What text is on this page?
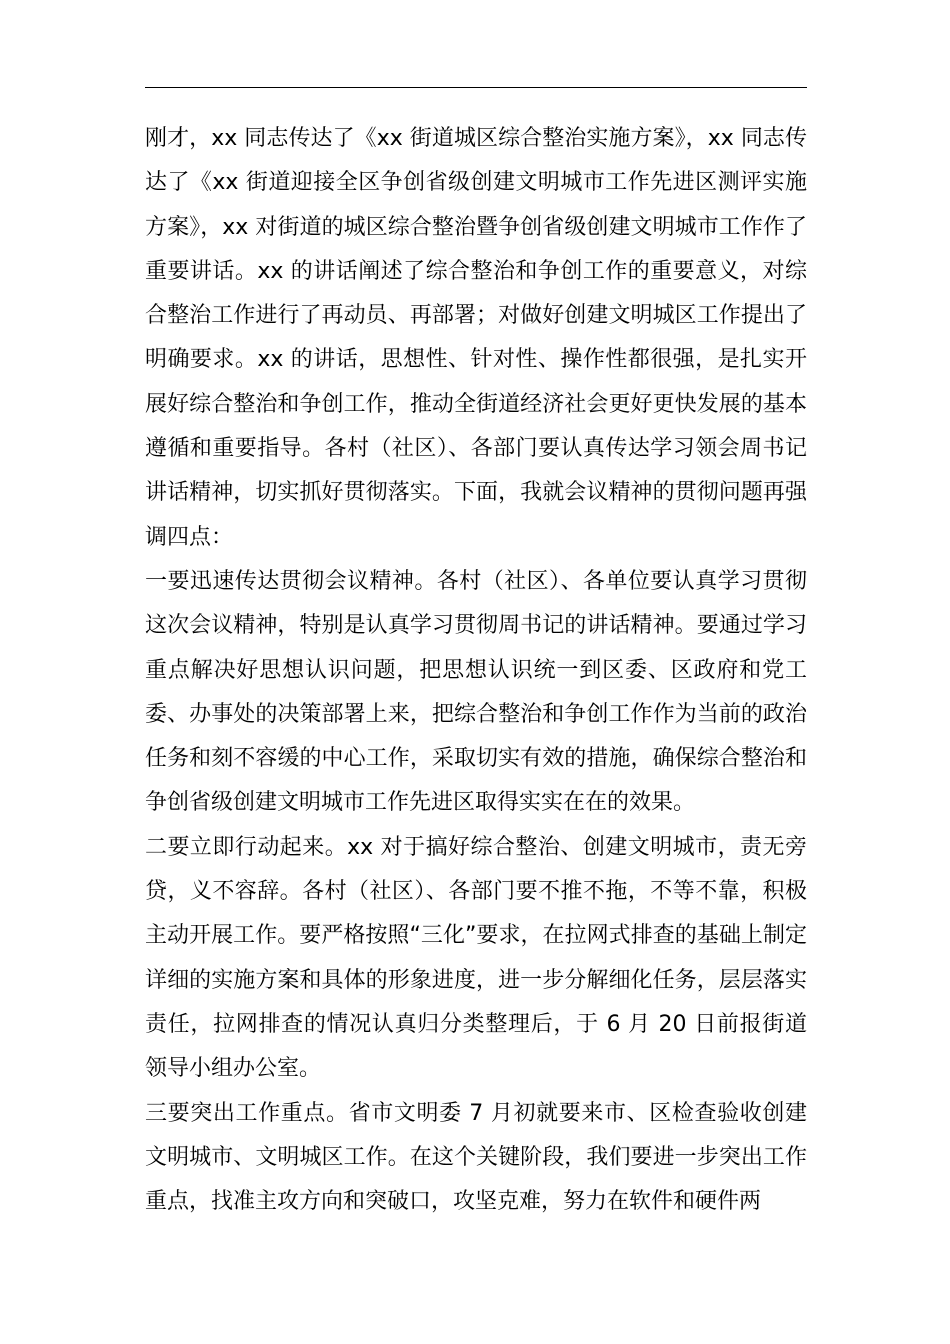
刚才，xx 同志传达了《xx 街道城区综合整治实施方案》，xx 同志传达了《xx 街道迎接全区争创省级创建文明城市工作先进区测评实施方案》，xx 对街道的城区综合整治暨争创省级创建文明城市工作作了重要讲话。xx 的讲话阐述了综合整治和争创工作的重要意义，对综合整治工作进行了再动员、再部署；对做好创建文明城区工作提出了明确要求。xx 的讲话，思想性、针对性、操作性都很强，是扎实开展好综合整治和争创工作，推动全街道经济社会更好更快发展的基本遵循和重要指导。各村（社区）、各部门要认真传达学习领会周书记讲话精神，切实抓好贯彻落实。下面，我就会议精神的贯彻问题再强调四点：

一要迅速传达贯彻会议精神。各村（社区）、各单位要认真学习贯彻这次会议精神，特别是认真学习贯彻周书记的讲话精神。要通过学习重点解决好思想认识问题，把思想认识统一到区委、区政府和党工委、办事处的决策部署上来，把综合整治和争创工作作为当前的政治任务和刻不容缓的中心工作，采取切实有效的措施，确保综合整治和争创省级创建文明城市工作先进区取得实实在在的效果。

二要立即行动起来。xx 对于搞好综合整治、创建文明城市，责无旁贷，义不容辞。各村（社区）、各部门要不推不拖，不等不靠，积极主动开展工作。要严格按照“三化”要求，在拉网式排查的基础上制定详细的实施方案和具体的形象进度，进一步分解细化任务，层层落实责任，拉网排查的情况认真归分类整理后，于 6 月 20 日前报街道领导小组办公室。

三要突出工作重点。省市文明委 7 月初就要来市、区检查验收创建文明城市、文明城区工作。在这个关键阶段，我们要进一步突出工作重点，找准主攻方向和突破口，攻坚克难，努力在软件和硬件两
